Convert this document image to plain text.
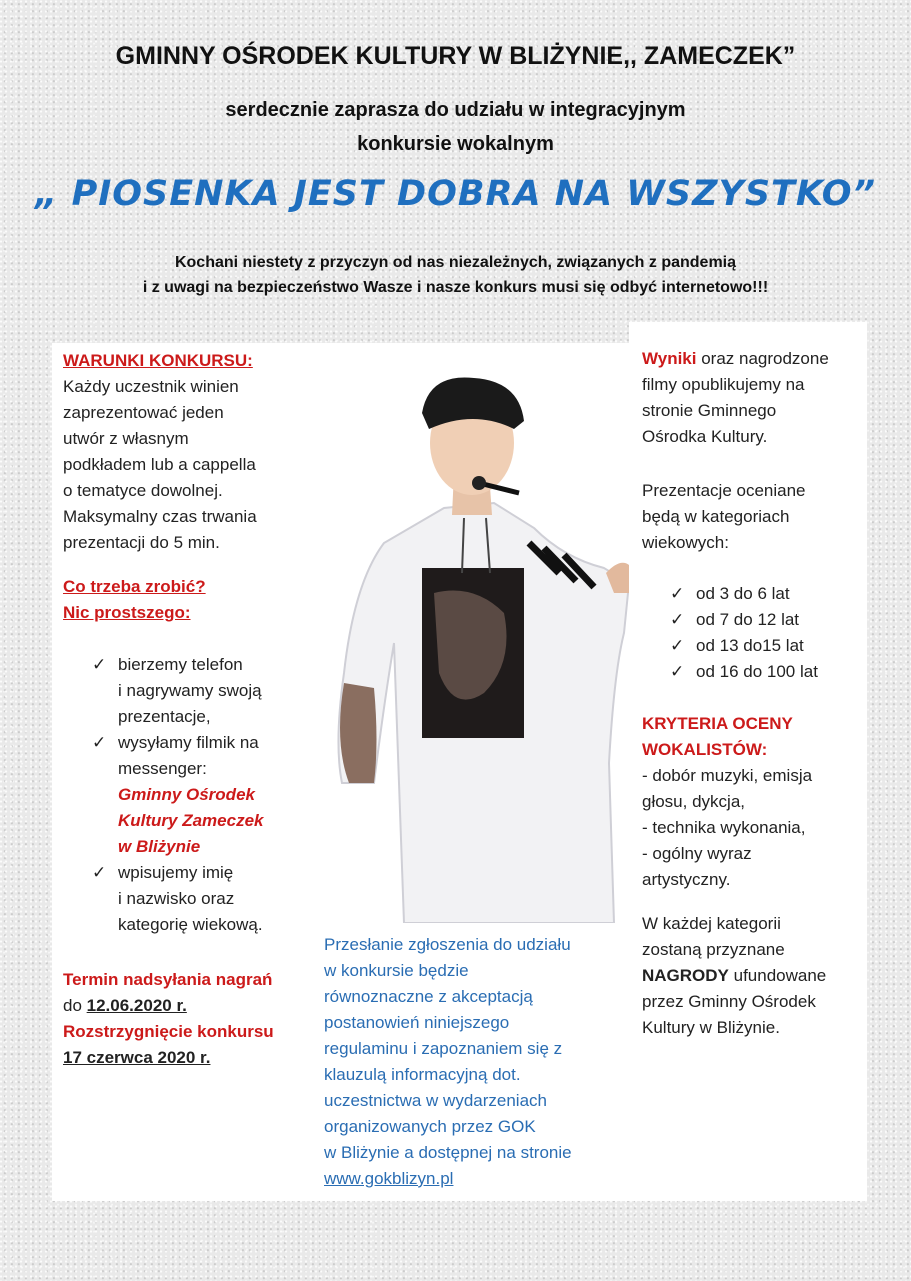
GMINNY OŚRODEK KULTURY W BLIŻYNIE,, ZAMECZEK”
serdecznie zaprasza do udziału w integracyjnym
konkursie wokalnym
„ PIOSENKA JEST DOBRA NA WSZYSTKO”
Kochani niestety z przyczyn od nas niezależnych, związanych z pandemią
i z uwagi na bezpieczeństwo Wasze i nasze konkurs musi się odbyć internetowo!!!
WARUNKI KONKURSU:
Każdy uczestnik winien
zaprezentować jeden
utwór z własnym
podkładem lub a cappella
o tematyce dowolnej.
Maksymalny czas trwania
prezentacji do 5 min.
Co trzeba zrobić?
Nic prostszego:
✓ bierzemy telefon
i nagrywamy swoją
prezentacje,
✓ wysyłamy filmik na
messenger:
Gminny Ośrodek
Kultury Zameczek
w Bliżynie
✓ wpisujemy imię
i nazwisko oraz
kategorię wiekową.
Termin nadsyłania nagrań
do 12.06.2020 r.
Rozstrzygnięcie konkursu
17 czerwca 2020 r.
Przesłanie zgłoszenia do udziału
w konkursie będzie
równoznaczne z akceptacją
postanowień niniejszego
regulaminu i zapoznaniem się z
klauzulą informacyjną dot.
uczestnictwa w wydarzeniach
organizowanych przez GOK
w Bliżynie a dostępnej na stronie
www.gokblizyn.pl
Wyniki oraz nagrodzone
filmy opublikujemy na
stronie Gminnego
Ośrodka Kultury.
Prezentacje oceniane
będą w kategoriach
wiekowych:
✓ od 3 do 6 lat
✓ od 7 do 12 lat
✓ od 13 do15 lat
✓ od 16 do 100 lat
KRYTERIA OCENY
WOKALISTÓW:
- dobór muzyki, emisja
głosu, dykcja,
- technika wykonania,
- ogólny wyraz
artystyczny.
W każdej kategorii
zostaną przyznane
NAGRODY ufundowane
przez Gminny Ośrodek
Kultury w Bliżynie.
